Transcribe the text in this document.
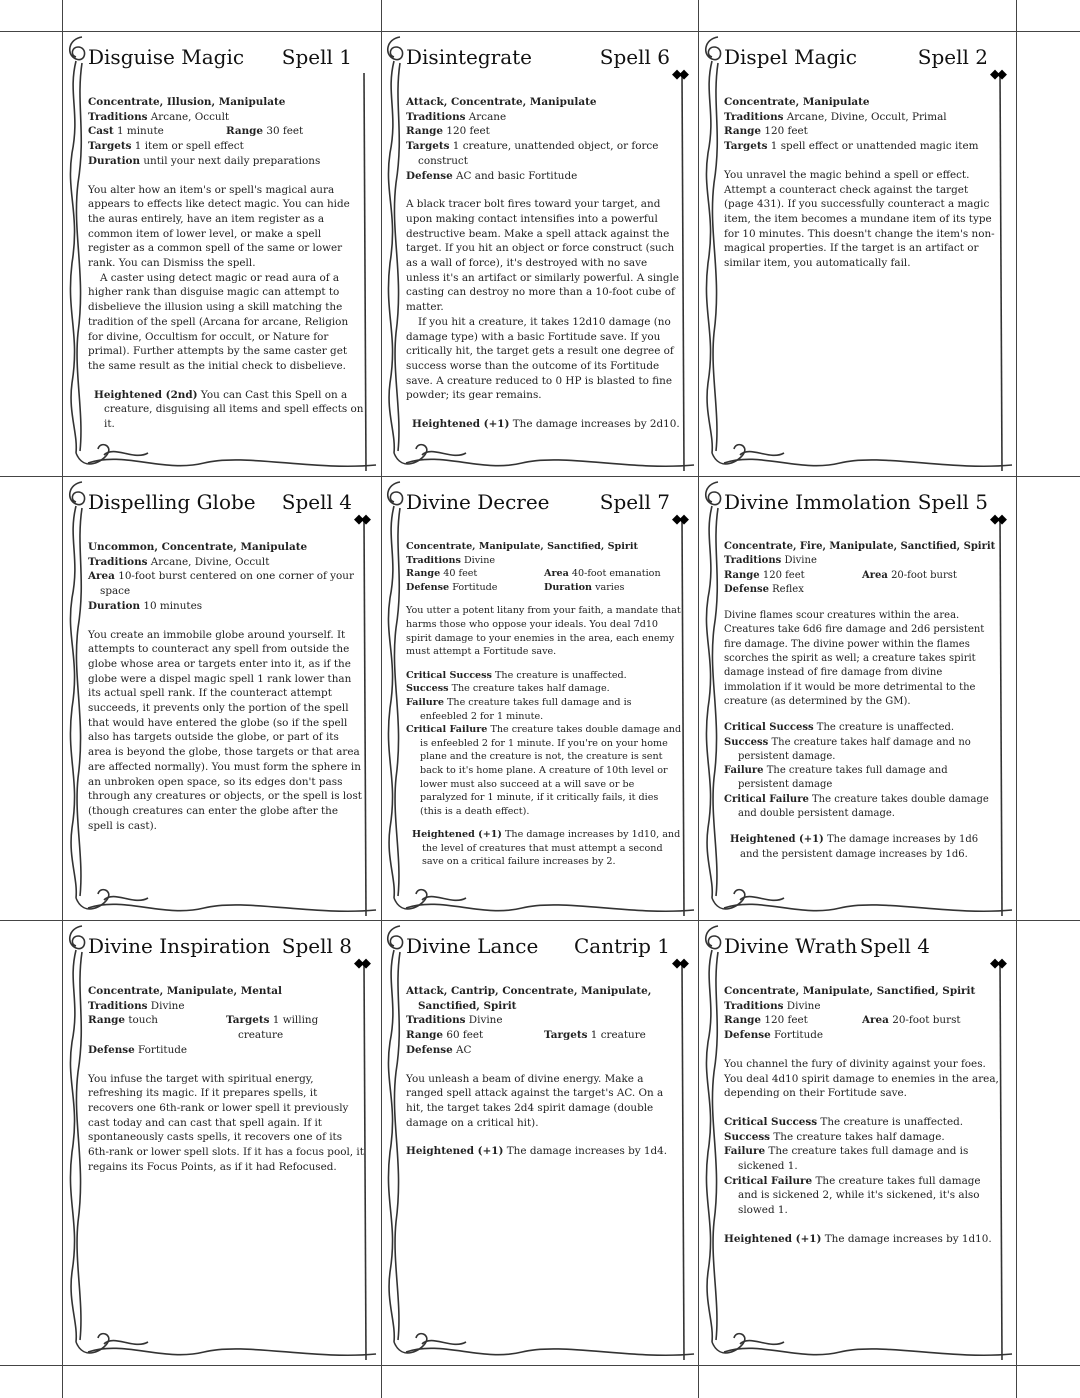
Disguise Magic Spell 1
Concentrate, Illusion, Manipulate
Traditions Arcane, Occult
Cast 1 minute	Range 30 feet
Targets 1 item or spell effect
Duration until your next daily preparations

You alter how an item's or spell's magical aura appears to effects like detect magic. You can hide the auras entirely, have an item register as a common item of lower level, or make a spell register as a common spell of the same or lower rank. You can Dismiss the spell.

A caster using detect magic or read aura of a higher rank than disguise magic can attempt to disbelieve the illusion using a skill matching the tradition of the spell (Arcana for arcane, Religion for divine, Occultism for occult, or Nature for primal). Further attempts by the same caster get the same result as the initial check to disbelieve.

Heightened (2nd) You can Cast this Spell on a creature, disguising all items and spell effects on it.
Disintegrate	Spell 6
◆◆
Attack, Concentrate, Manipulate
Traditions Arcane
Range 120 feet
Targets 1 creature, unattended object, or force construct
Defense AC and basic Fortitude

A black tracer bolt fires toward your target, and upon making contact intensifies into a powerful destructive beam. Make a spell attack against the target. If you hit an object or force construct (such as a wall of force), it's destroyed with no save unless it's an artifact or similarly powerful. A single casting can destroy no more than a 10-foot cube of matter.

If you hit a creature, it takes 12d10 damage (no damage type) with a basic Fortitude save. If you critically hit, the target gets a result one degree of success worse than the outcome of its Fortitude save. A creature reduced to 0 HP is blasted to fine powder; its gear remains.

Heightened (+1) The damage increases by 2d10.
Dispel Magic	Spell 2
◆◆
Concentrate, Manipulate
Traditions Arcane, Divine, Occult, Primal
Range 120 feet
Targets 1 spell effect or unattended magic item

You unravel the magic behind a spell or effect. Attempt a counteract check against the target (page 431). If you successfully counteract a magic item, the item becomes a mundane item of its type for 10 minutes. This doesn't change the item's non-magical properties. If the target is an artifact or similar item, you automatically fail.

Dispelling Globe Spell 4
◆◆
Uncommon, Concentrate, Manipulate
Traditions Arcane, Divine, Occult
Area 10-foot burst centered on one corner of your space
Duration 10 minutes

You create an immobile globe around yourself. It attempts to counteract any spell from outside the globe whose area or targets enter into it, as if the globe were a dispel magic spell 1 rank lower than its actual spell rank. If the counteract attempt succeeds, it prevents only the portion of the spell that would have entered the globe (so if the spell also has targets outside the globe, or part of its area is beyond the globe, those targets or that area are affected normally). You must form the sphere in an unbroken open space, so its edges don't pass through any creatures or objects, or the spell is lost (though creatures can enter the globe after the spell is cast).

Divine Decree	Spell 7
◆◆
Concentrate, Manipulate, Sanctified, Spirit
Traditions Divine
Range 40 feet	Area 40-foot emanation
Defense Fortitude	Duration varies

You utter a potent litany from your faith, a mandate that harms those who oppose your ideals. You deal 7d10 spirit damage to your enemies in the area, each enemy must attempt a Fortitude save.

Critical Success The creature is unaffected.
Success The creature takes half damage.
Failure The creature takes full damage and is enfeebled 2 for 1 minute.
Critical Failure The creature takes double damage and is enfeebled 2 for 1 minute. If you're on your home plane and the creature is not, the creature is sent back to it's home plane. A creature of 10th level or lower must also succeed at a will save or be paralyzed for 1 minute, if it critically fails, it dies (this is a death effect).
Heightened (+1) The damage increases by 1d10, and the level of creatures that must attempt a second save on a critical failure increases by 2.
Divine Immolation Spell 5
◆◆
Concentrate, Fire, Manipulate, Sanctified, Spirit
Traditions Divine
Range 120 feet	Area 20-foot burst
Defense Reflex

Divine flames scour creatures within the area. Creatures take 6d6 fire damage and 2d6 persistent fire damage. The divine power within the flames scorches the spirit as well; a creature takes spirit damage instead of fire damage from divine immolation if it would be more detrimental to the creature (as determined by the GM).

Critical Success The creature is unaffected.
Success The creature takes half damage and no persistent damage.
Failure The creature takes full damage and persistent damage
Critical Failure The creature takes double damage and double persistent damage.
Heightened (+1) The damage increases by 1d6 and the persistent damage increases by 1d6.
Divine Inspiration Spell 8
◆◆
Concentrate, Manipulate, Mental
Traditions Divine
Range touch	Targets 1 willing creature
Defense Fortitude

You infuse the target with spiritual energy, refreshing its magic. If it prepares spells, it recovers one 6th-rank or lower spell it previously cast today and can cast that spell again. If it spontaneously casts spells, it recovers one of its 6th-rank or lower spell slots. If it has a focus pool, it regains its Focus Points, as if it had Refocused.

Divine Lance Cantrip 1
◆◆
Attack, Cantrip, Concentrate, Manipulate, Sanctified, Spirit
Traditions Divine
Range 60 feet	Targets 1 creature
Defense AC

You unleash a beam of divine energy. Make a ranged spell attack against the target's AC. On a hit, the target takes 2d4 spirit damage (double damage on a critical hit).

Heightened (+1) The damage increases by 1d4.
Divine Wrath Spell 4
◆◆
Concentrate, Manipulate, Sanctified, Spirit
Traditions Divine
Range 120 feet	Area 20-foot burst
Defense Fortitude

You channel the fury of divinity against your foes. You deal 4d10 spirit damage to enemies in the area, depending on their Fortitude save.

Critical Success The creature is unaffected.
Success The creature takes half damage.
Failure The creature takes full damage and is sickened 1.
Critical Failure The creature takes full damage and is sickened 2, while it's sickened, it's also slowed 1.
Heightened (+1) The damage increases by 1d10.
